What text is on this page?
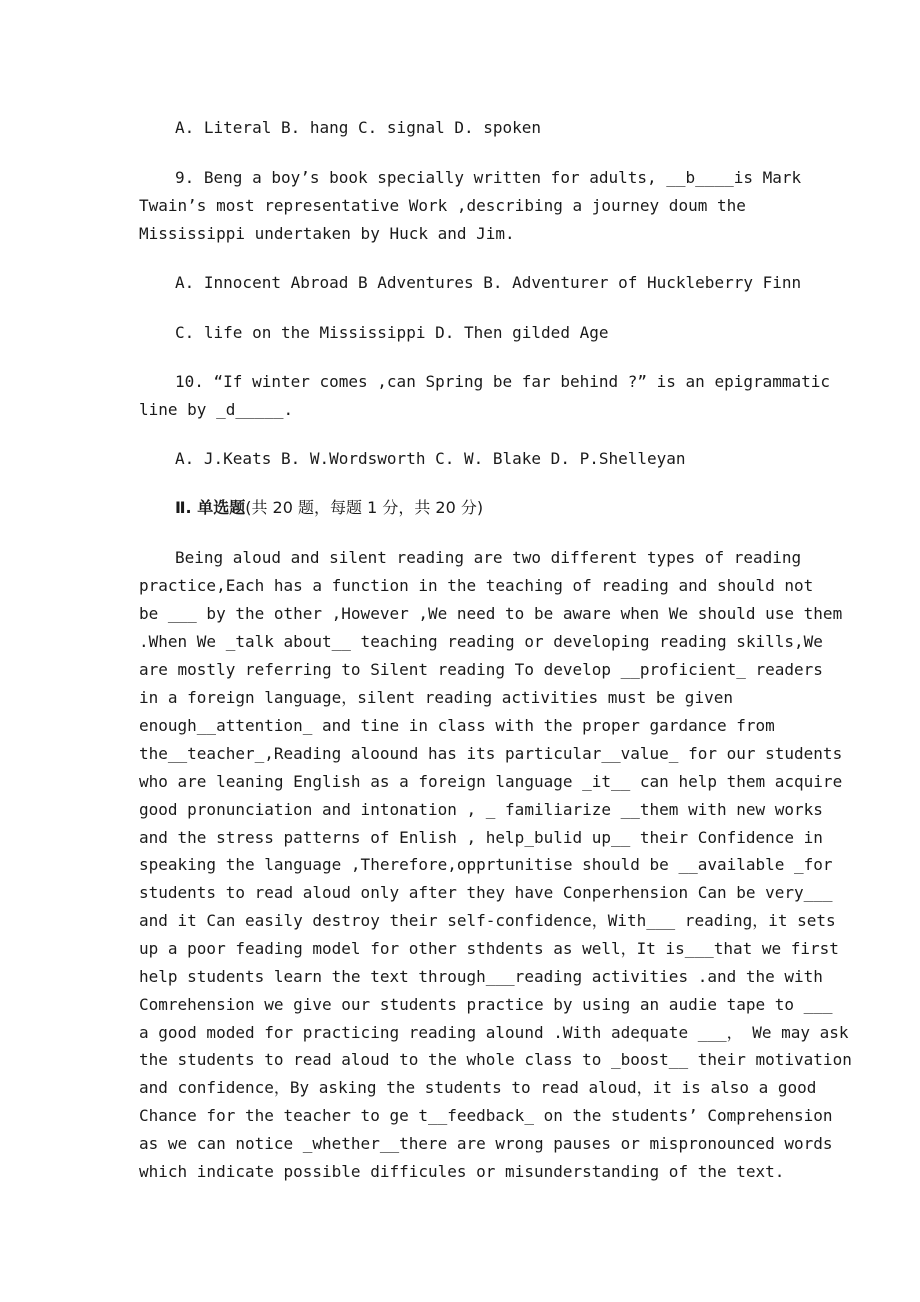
A. Literal B. hang C. signal D. spoken
9. Beng a boy’s book specially written for adults, __b____is Mark
Twain’s most representative Work ,describing a journey doum the
Mississippi undertaken by Huck and Jim.
A. Innocent Abroad B Adventures B. Adventurer of Huckleberry Finn
C. life on the Mississippi D. Then gilded Age
10. “If winter comes ,can Spring be far behind ?” is an epigrammatic
line by _d_____.
A. J.Keats B. W.Wordsworth C. W. Blake D. P.Shelleyan
Ⅱ. 单选题(共 20 题，每题 1 分，共 20 分)
Being aloud and silent reading are two different types of reading
practice,Each has a function in the teaching of reading and should not
be ___ by the other ,However ,We need to be aware when We should use them
.When We _talk about__ teaching reading or developing reading skills,We
are mostly referring to Silent reading To develop __proficient_ readers
in a foreign language，silent reading activities must be given
enough__attention_ and tine in class with the proper gardance from
the__teacher_,Reading aloound has its particular__value_ for our students
who are leaning English as a foreign language _it__ can help them acquire
good pronunciation and intonation , _ familiarize __them with new works
and the stress patterns of Enlish , help_bulid up__ their Confidence in
speaking the language ,Therefore,opprtunitise should be __available _for
students to read aloud only after they have Conperhension Can be very___
and it Can easily destroy their self-confidence，With___ reading，it sets
up a poor feading model for other sthdents as well，It is___that we first
help students learn the text through___reading activities .and the with
Comrehension we give our students practice by using an audie tape to ___
a good moded for practicing reading alound .With adequate ___， We may ask
the students to read aloud to the whole class to _boost__ their motivation
and confidence，By asking the students to read aloud，it is also a good
Chance for the teacher to ge t__feedback_ on the students’ Comprehension
as we can notice _whether__there are wrong pauses or mispronounced words
which indicate possible difficules or misunderstanding of the text.
